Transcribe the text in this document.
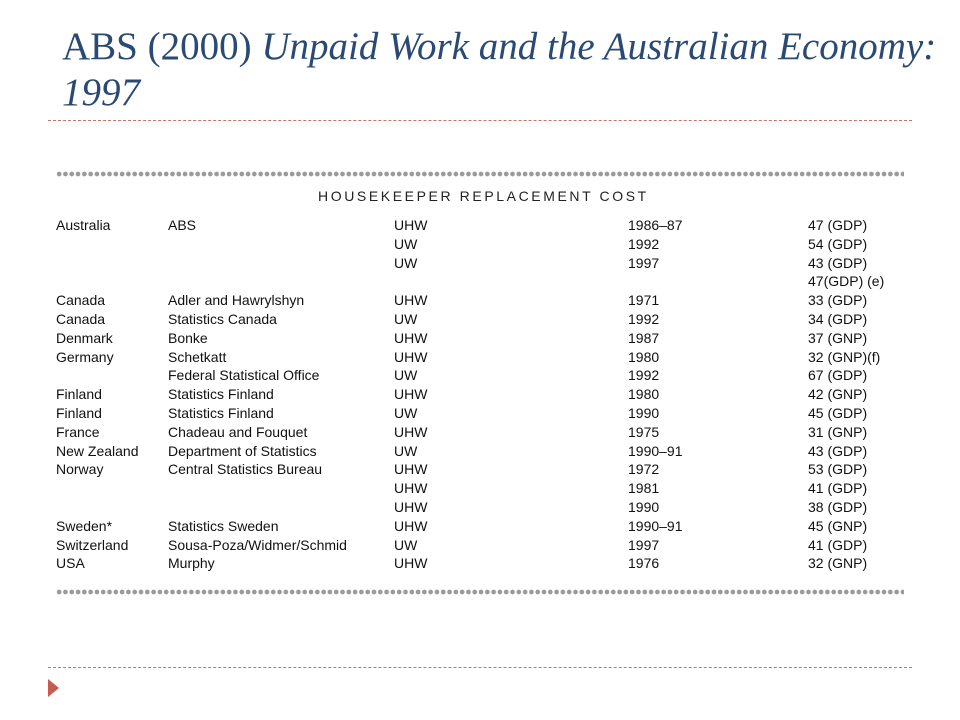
ABS (2000) Unpaid Work and the Australian Economy: 1997
HOUSEKEEPER REPLACEMENT COST
Australia	ABS	UHW	1986–87	47 (GDP)
		UW	1992	54 (GDP)
		UW	1997	43 (GDP)
				47(GDP) (e)
Canada	Adler and Hawrylshyn	UHW	1971	33 (GDP)
Canada	Statistics Canada	UW	1992	34 (GDP)
Denmark	Bonke	UHW	1987	37 (GNP)
Germany	Schetkatt	UHW	1980	32 (GNP)(f)
	Federal Statistical Office	UW	1992	67 (GDP)
Finland	Statistics Finland	UHW	1980	42 (GNP)
Finland	Statistics Finland	UW	1990	45 (GDP)
France	Chadeau and Fouquet	UHW	1975	31 (GNP)
New Zealand	Department of Statistics	UW	1990–91	43 (GDP)
Norway	Central Statistics Bureau	UHW	1972	53 (GDP)
		UHW	1981	41 (GDP)
		UHW	1990	38 (GDP)
Sweden*	Statistics Sweden	UHW	1990–91	45 (GNP)
Switzerland	Sousa-Poza/Widmer/Schmid	UW	1997	41 (GDP)
USA	Murphy	UHW	1976	32 (GNP)
